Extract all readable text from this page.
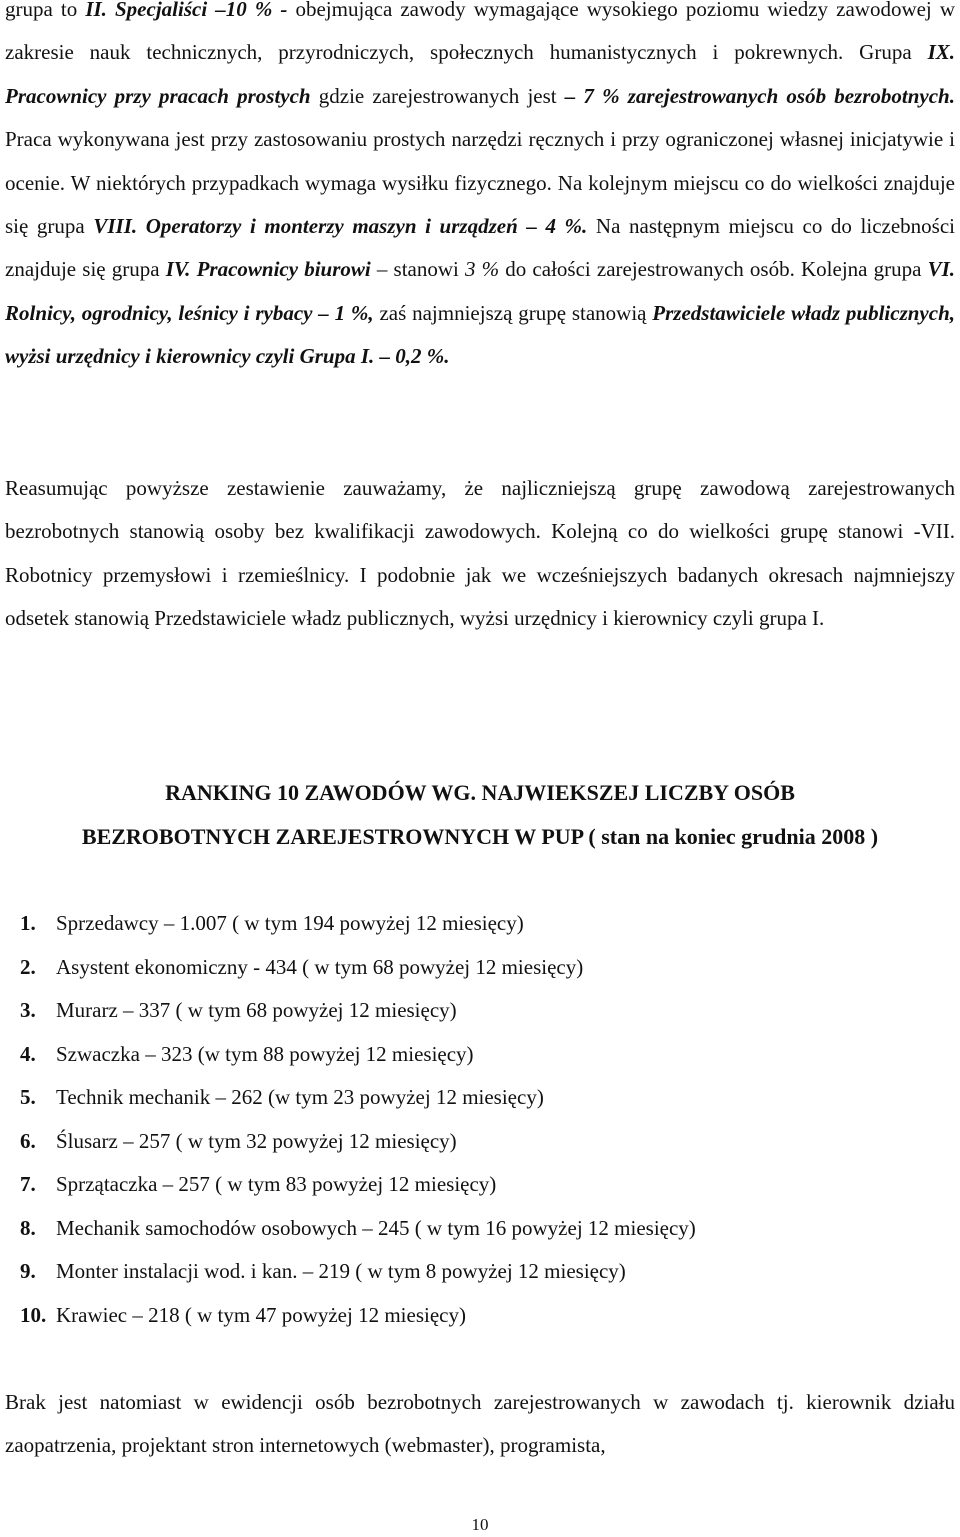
grupa to II. Specjaliści –10 % - obejmująca zawody wymagające wysokiego poziomu wiedzy zawodowej w zakresie nauk technicznych, przyrodniczych, społecznych humanistycznych i pokrewnych. Grupa IX. Pracownicy przy pracach prostych gdzie zarejestrowanych jest – 7 % zarejestrowanych osób bezrobotnych. Praca wykonywana jest przy zastosowaniu prostych narzędzi ręcznych i przy ograniczonej własnej inicjatywie i ocenie. W niektórych przypadkach wymaga wysiłku fizycznego. Na kolejnym miejscu co do wielkości znajduje się grupa VIII. Operatorzy i monterzy maszyn i urządzeń – 4 %. Na następnym miejscu co do liczebności znajduje się grupa IV. Pracownicy biurowi – stanowi 3 % do całości zarejestrowanych osób. Kolejna grupa VI. Rolnicy, ogrodnicy, leśnicy i rybacy – 1 %, zaś najmniejszą grupę stanowią Przedstawiciele władz publicznych, wyżsi urzędnicy i kierownicy czyli Grupa I. – 0,2 %.

Reasumując powyższe zestawienie zauważamy, że najliczniejszą grupę zawodową zarejestrowanych bezrobotnych stanowią osoby bez kwalifikacji zawodowych. Kolejną co do wielkości grupę stanowi -VII. Robotnicy przemysłowi i rzemieślnicy. I podobnie jak we wcześniejszych badanych okresach najmniejszy odsetek stanowią Przedstawiciele władz publicznych, wyżsi urzędnicy i kierownicy czyli grupa I.

RANKING 10 ZAWODÓW WG. NAJWIEKSZEJ LICZBY OSÓB
BEZROBOTNYCH ZAREJESTROWNYCH W PUP ( stan na koniec grudnia 2008 )
1. Sprzedawcy – 1.007 ( w tym 194 powyżej 12 miesięcy)
2. Asystent ekonomiczny - 434 ( w tym 68 powyżej 12 miesięcy)
3. Murarz – 337 ( w tym 68 powyżej 12 miesięcy)
4. Szwaczka – 323 (w tym 88 powyżej 12 miesięcy)
5. Technik mechanik – 262 (w tym 23 powyżej 12 miesięcy)
6. Ślusarz – 257 ( w tym 32 powyżej 12 miesięcy)
7. Sprzątaczka – 257 ( w tym 83 powyżej 12 miesięcy)
8. Mechanik samochodów osobowych – 245 ( w tym 16 powyżej 12 miesięcy)
9. Monter instalacji wod. i kan. – 219 ( w tym 8 powyżej 12 miesięcy)
10. Krawiec – 218 ( w tym 47 powyżej 12 miesięcy)

Brak jest natomiast w ewidencji osób bezrobotnych zarejestrowanych w zawodach tj. kierownik działu zaopatrzenia, projektant stron internetowych (webmaster), programista,

10
